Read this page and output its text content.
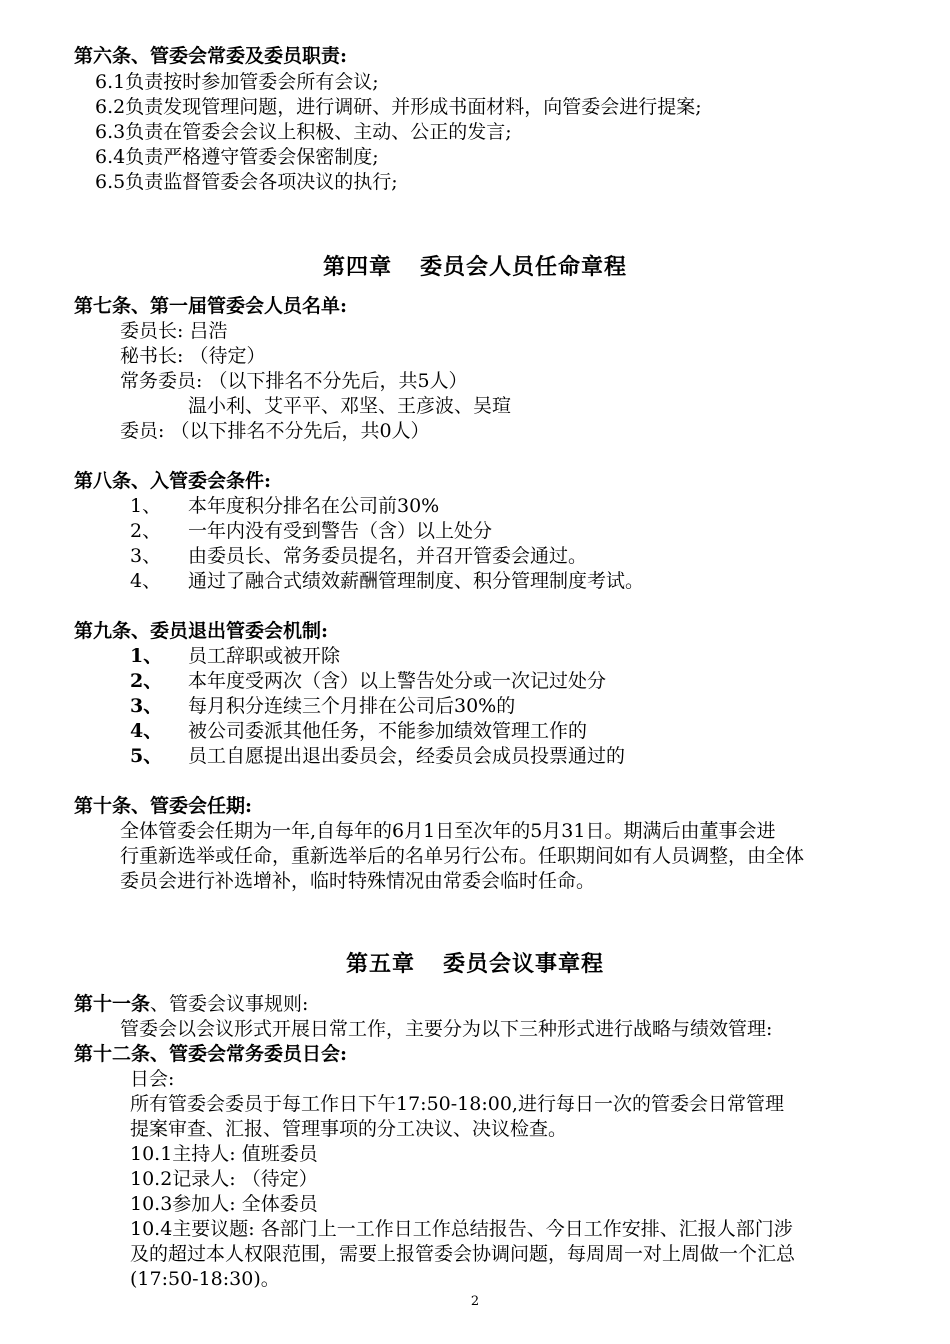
第六条、管委会常委及委员职责:
6.1负责按时参加管委会所有会议;
6.2负责发现管理问题，进行调研、并形成书面材料，向管委会进行提案;
6.3负责在管委会会议上积极、主动、公正的发言;
6.4负责严格遵守管委会保密制度;
6.5负责监督管委会各项决议的执行;
第四章 委员会人员任命章程
第七条、第一届管委会人员名单:
委员长: 吕浩
秘书长: （待定）
常务委员: （以下排名不分先后，共5人）
温小利、艾平平、邓坚、王彦波、吴瑄
委员: （以下排名不分先后，共0人）
第八条、入管委会条件:
1、 本年度积分排名在公司前30%
2、 一年内没有受到警告（含）以上处分
3、 由委员长、常务委员提名，并召开管委会通过。
4、 通过了融合式绩效薪酬管理制度、积分管理制度考试。
第九条、委员退出管委会机制:
1、 员工辞职或被开除
2、 本年度受两次（含）以上警告处分或一次记过处分
3、 每月积分连续三个月排在公司后30%的
4、 被公司委派其他任务，不能参加绩效管理工作的
5、 员工自愿提出退出委员会，经委员会成员投票通过的
第十条、管委会任期:
全体管委会任期为一年,自每年的6月1日至次年的5月31日。期满后由董事会进
行重新选举或任命，重新选举后的名单另行公布。任职期间如有人员调整，由全体
委员会进行补选增补，临时特殊情况由常委会临时任命。
第五章 委员会议事章程
第十一条、管委会议事规则:
管委会以会议形式开展日常工作，主要分为以下三种形式进行战略与绩效管理:
第十二条、管委会常务委员日会:
日会:
所有管委会委员于每工作日下午17:50-18:00,进行每日一次的管委会日常管理
提案审查、汇报、管理事项的分工决议、决议检查。
10.1主持人: 值班委员
10.2记录人: （待定）
10.3参加人: 全体委员
10.4主要议题: 各部门上一工作日工作总结报告、今日工作安排、汇报人部门涉
及的超过本人权限范围，需要上报管委会协调问题，每周周一对上周做一个汇总
(17:50-18:30)。
2
